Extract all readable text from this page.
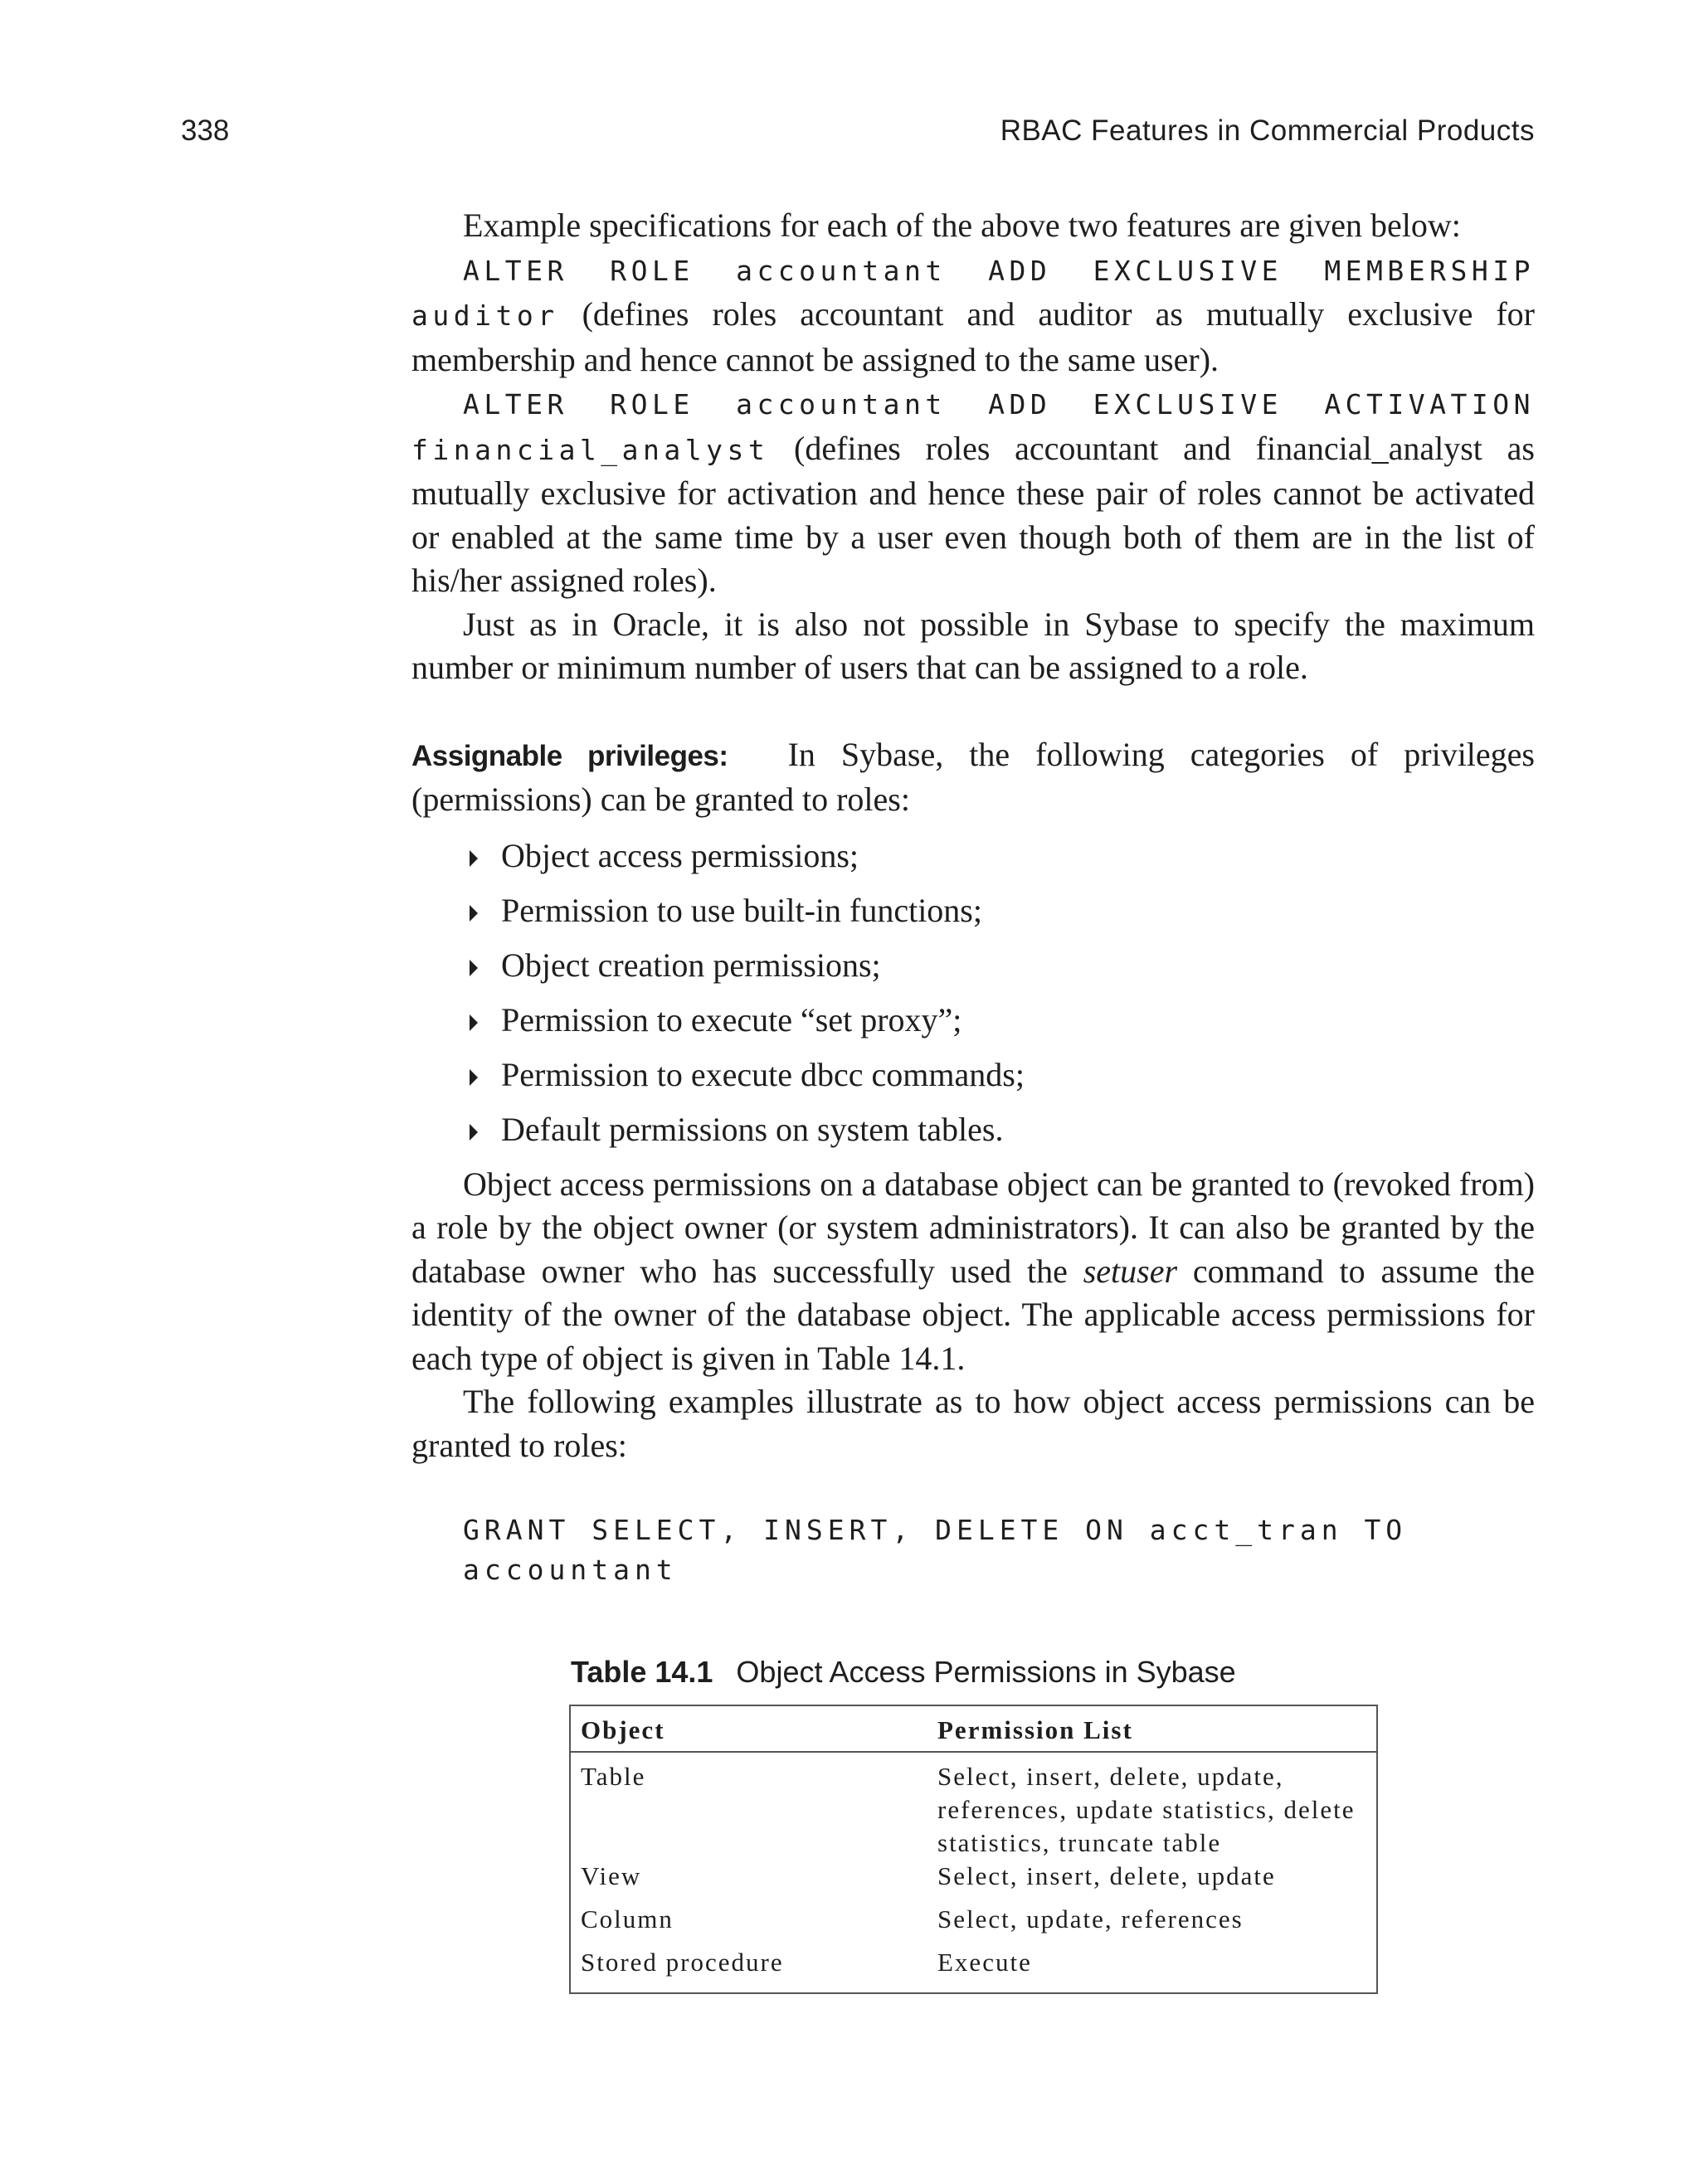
338	RBAC Features in Commercial Products

Example specifications for each of the above two features are given below:

ALTER ROLE accountant ADD EXCLUSIVE MEMBERSHIP auditor (defines roles accountant and auditor as mutually exclusive for membership and hence cannot be assigned to the same user).

ALTER ROLE accountant ADD EXCLUSIVE ACTIVATION financial_analyst (defines roles accountant and financial_analyst as mutually exclusive for activation and hence these pair of roles cannot be activated or enabled at the same time by a user even though both of them are in the list of his/her assigned roles).

Just as in Oracle, it is also not possible in Sybase to specify the maximum number or minimum number of users that can be assigned to a role.

Assignable privileges: In Sybase, the following categories of privileges (permissions) can be granted to roles:

Object access permissions;
Permission to use built-in functions;
Object creation permissions;
Permission to execute “set proxy”;
Permission to execute dbcc commands;
Default permissions on system tables.

Object access permissions on a database object can be granted to (revoked from) a role by the object owner (or system administrators). It can also be granted by the database owner who has successfully used the setuser command to assume the identity of the owner of the database object. The applicable access permissions for each type of object is given in Table 14.1.

The following examples illustrate as to how object access permissions can be granted to roles:

GRANT SELECT, INSERT, DELETE ON acct_tran TO accountant
Table 14.1 Object Access Permissions in Sybase
Object	Permission List
Table	Select, insert, delete, update, references, update statistics, delete statistics, truncate table
View	Select, insert, delete, update
Column	Select, update, references
Stored procedure	Execute
